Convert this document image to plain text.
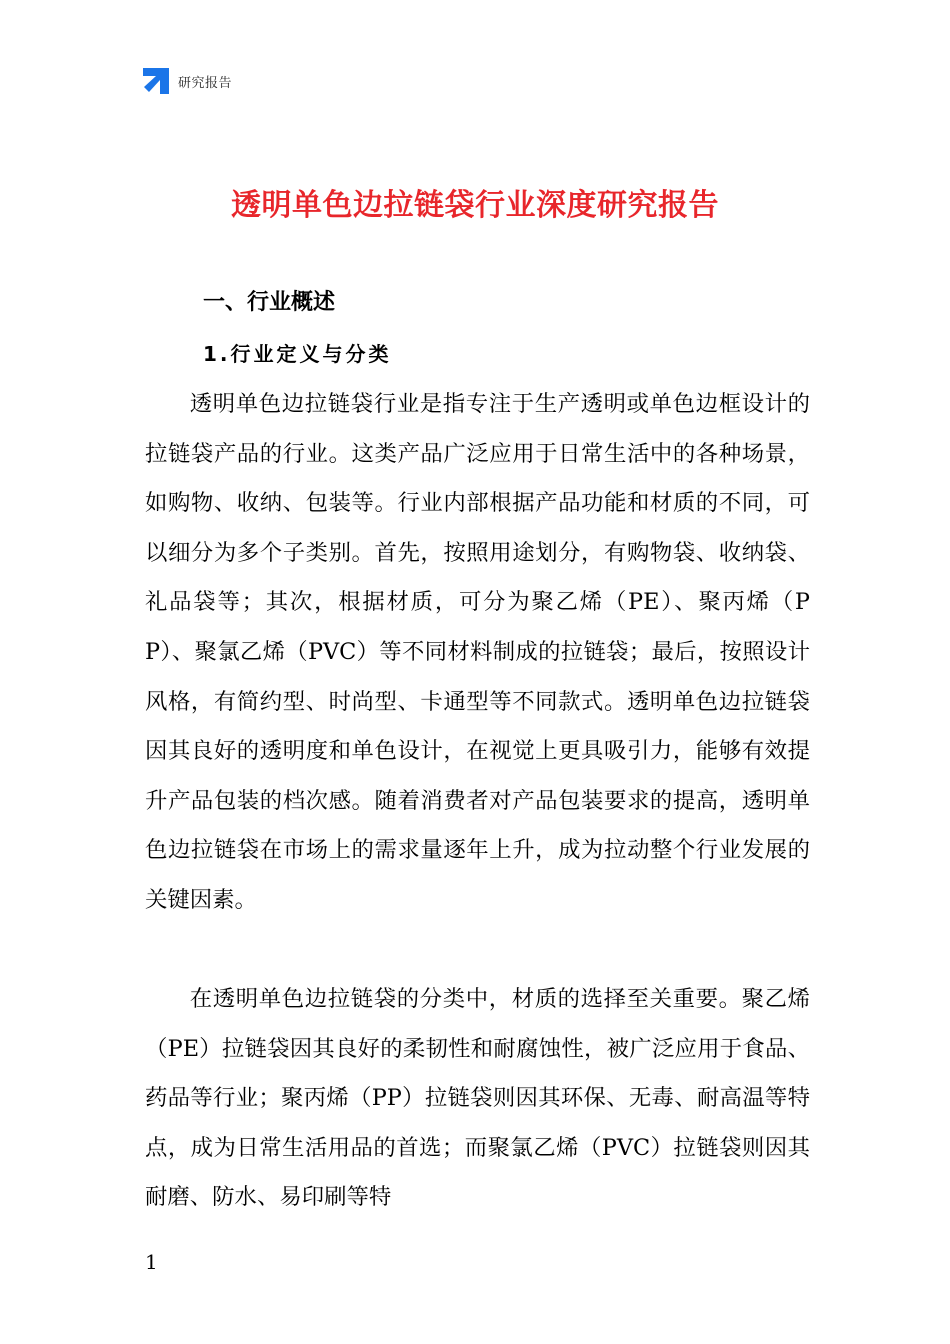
研究报告
透明单色边拉链袋行业深度研究报告
一、行业概述
1.行业定义与分类

透明单色边拉链袋行业是指专注于生产透明或单色边框设计的拉链袋产品的行业。这类产品广泛应用于日常生活中的各种场景，如购物、收纳、包装等。行业内部根据产品功能和材质的不同，可以细分为多个子类别。首先，按照用途划分，有购物袋、收纳袋、礼品袋等；其次，根据材质，可分为聚乙烯（PE）、聚丙烯（PP）、聚氯乙烯（PVC）等不同材料制成的拉链袋；最后，按照设计风格，有简约型、时尚型、卡通型等不同款式。透明单色边拉链袋因其良好的透明度和单色设计，在视觉上更具吸引力，能够有效提升产品包装的档次感。随着消费者对产品包装要求的提高，透明单色边拉链袋在市场上的需求量逐年上升，成为拉动整个行业发展的关键因素。

在透明单色边拉链袋的分类中，材质的选择至关重要。聚乙烯（PE）拉链袋因其良好的柔韧性和耐腐蚀性，被广泛应用于食品、药品等行业；聚丙烯（PP）拉链袋则因其环保、无毒、耐高温等特点，成为日常生活用品的首选；而聚氯乙烯（PVC）拉链袋则因其耐磨、防水、易印刷等特

1
